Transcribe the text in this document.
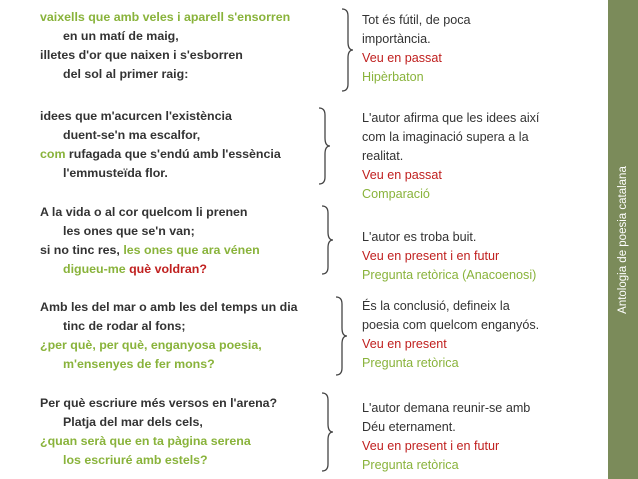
vaixells que amb veles i aparell s'ensorren
en un matí de maig,
illetes d'or que naixen i s'esborren
del sol al primer raig:
idees que m'acurcen l'existència
duent-se'n ma escalfor,
com rufagada que s'endú amb l'essència
l'emmusteïda flor.
A la vida o al cor quelcom li prenen
les ones que se'n van;
si no tinc res, les ones que ara vénen
digueu-me què voldran?
Amb les del mar o amb les del temps un dia
tinc de rodar al fons;
¿per què, per què, enganyosa poesia,
m'ensenyes de fer mons?
Per què escriure més versos en l'arena?
Platja del mar dels cels,
¿quan serà que en ta pàgina serena
los escriuré amb estels?
Tot és fútil, de poca
importància.
Veu en passat
Hipèrbaton
L'autor afirma que les idees així
com la imaginació supera a la
realitat.
Veu en passat
Comparació
L'autor es troba buit.
Veu en present i en futur
Pregunta retòrica (Anacoenosi)
És la conclusió, defineix la
poesia com quelcom enganyós.
Veu en present
Pregunta retòrica
L'autor demana reunir-se amb
Déu eternament.
Veu en present i en futur
Pregunta retòrica
Antologia de poesia catalana
